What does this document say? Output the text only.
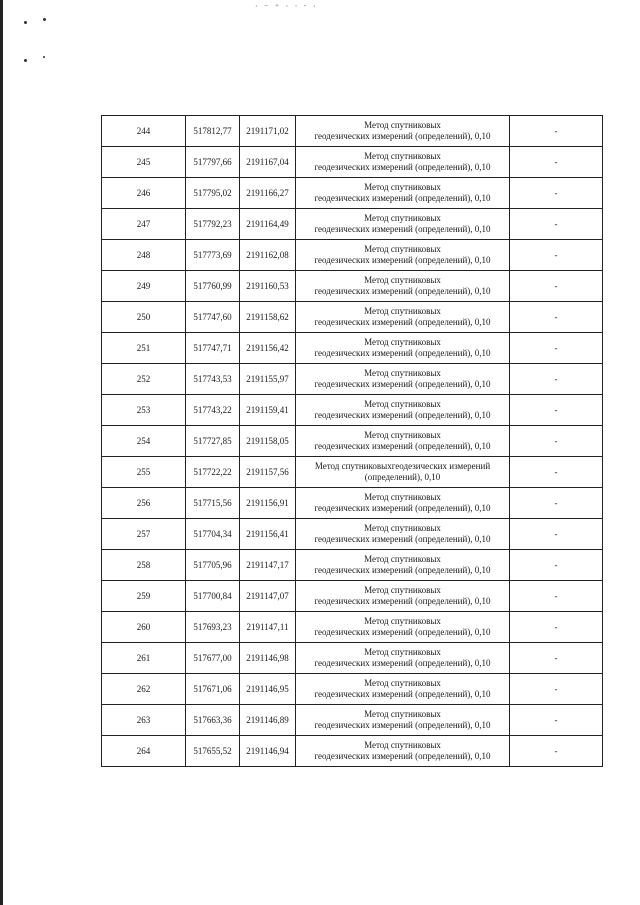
· ⁻ ⁺ · · ˑ ·
244	517812,77	2191171,02	Метод спутниковых
геодезических измерений (определений), 0,10	-
245	517797,66	2191167,04	Метод спутниковых
геодезических измерений (определений), 0,10	-
246	517795,02	2191166,27	Метод спутниковых
геодезических измерений (определений), 0,10	-
247	517792,23	2191164,49	Метод спутниковых
геодезических измерений (определений), 0,10	-
248	517773,69	2191162,08	Метод спутниковых
геодезических измерений (определений), 0,10	-
249	517760,99	2191160,53	Метод спутниковых
геодезических измерений (определений), 0,10	-
250	517747,60	2191158,62	Метод спутниковых
геодезических измерений (определений), 0,10	-
251	517747,71	2191156,42	Метод спутниковых
геодезических измерений (определений), 0,10	-
252	517743,53	2191155,97	Метод спутниковых
геодезических измерений (определений), 0,10	-
253	517743,22	2191159,41	Метод спутниковых
геодезических измерений (определений), 0,10	-
254	517727,85	2191158,05	Метод спутниковых
геодезических измерений (определений), 0,10	-
255	517722,22	2191157,56	Метод спутниковыхгеодезических измерений
(определений), 0,10	-
256	517715,56	2191156,91	Метод спутниковых
геодезических измерений (определений), 0,10	-
257	517704,34	2191156,41	Метод спутниковых
геодезических измерений (определений), 0,10	-
258	517705,96	2191147,17	Метод спутниковых
геодезических измерений (определений), 0,10	-
259	517700,84	2191147,07	Метод спутниковых
геодезических измерений (определений), 0,10	-
260	517693,23	2191147,11	Метод спутниковых
геодезических измерений (определений), 0,10	-
261	517677,00	2191146,98	Метод спутниковых
геодезических измерений (определений), 0,10	-
262	517671,06	2191146,95	Метод спутниковых
геодезических измерений (определений), 0,10	-
263	517663,36	2191146,89	Метод спутниковых
геодезических измерений (определений), 0,10	-
264	517655,52	2191146,94	Метод спутниковых
геодезических измерений (определений), 0,10	-
